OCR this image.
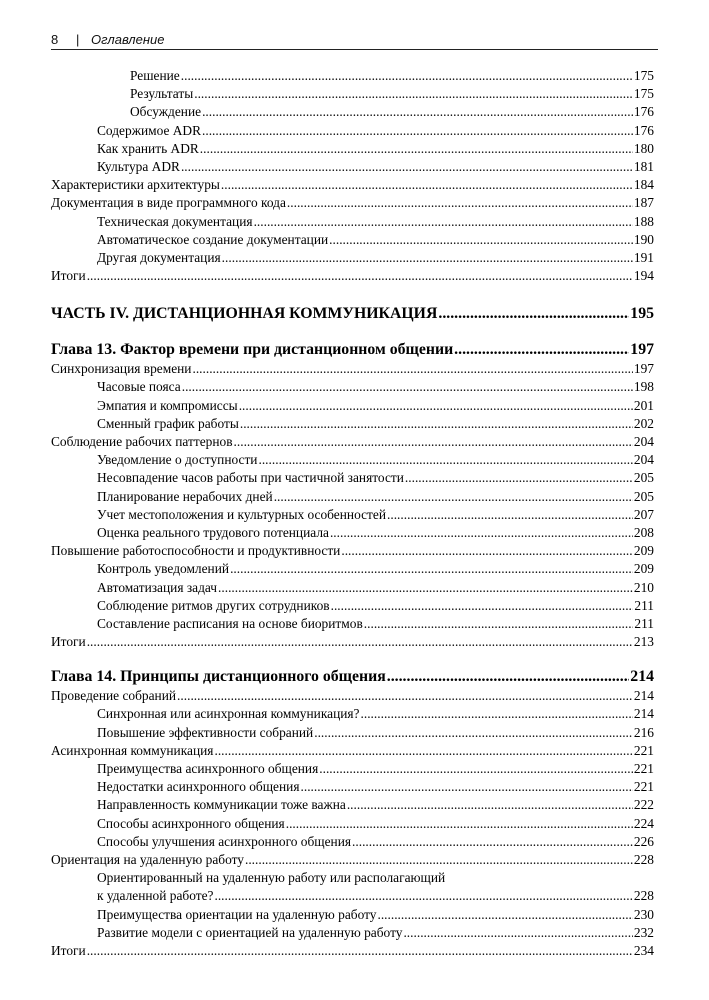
8 | Оглавление
Решение .....	175
Результаты .....	175
Обсуждение .....	176
Содержимое ADR .....	176
Как хранить ADR .....	180
Культура ADR .....	181
Характеристики архитектуры .....	184
Документация в виде программного кода .....	187
Техническая документация .....	188
Автоматическое создание документации .....	190
Другая документация .....	191
Итоги .....	194
ЧАСТЬ IV. ДИСТАНЦИОННАЯ КОММУНИКАЦИЯ .....	195
Глава 13. Фактор времени при дистанционном общении .....	197
Синхронизация времени .....	197
Часовые пояса .....	198
Эмпатия и компромиссы .....	201
Сменный график работы .....	202
Соблюдение рабочих паттернов .....	204
Уведомление о доступности .....	204
Несовпадение часов работы при частичной занятости .....	205
Планирование нерабочих дней .....	205
Учет местоположения и культурных особенностей .....	207
Оценка реального трудового потенциала .....	208
Повышение работоспособности и продуктивности .....	209
Контроль уведомлений .....	209
Автоматизация задач .....	210
Соблюдение ритмов других сотрудников .....	211
Составление расписания на основе биоритмов .....	211
Итоги .....	213
Глава 14. Принципы дистанционного общения .....	214
Проведение собраний .....	214
Синхронная или асинхронная коммуникация? .....	214
Повышение эффективности собраний .....	216
Асинхронная коммуникация .....	221
Преимущества асинхронного общения .....	221
Недостатки асинхронного общения .....	221
Направленность коммуникации тоже важна .....	222
Способы асинхронного общения .....	224
Способы улучшения асинхронного общения .....	226
Ориентация на удаленную работу .....	228
Ориентированный на удаленную работу или располагающий
к удаленной работе? .....	228
Преимущества ориентации на удаленную работу .....	230
Развитие модели с ориентацией на удаленную работу .....	232
Итоги .....	234
